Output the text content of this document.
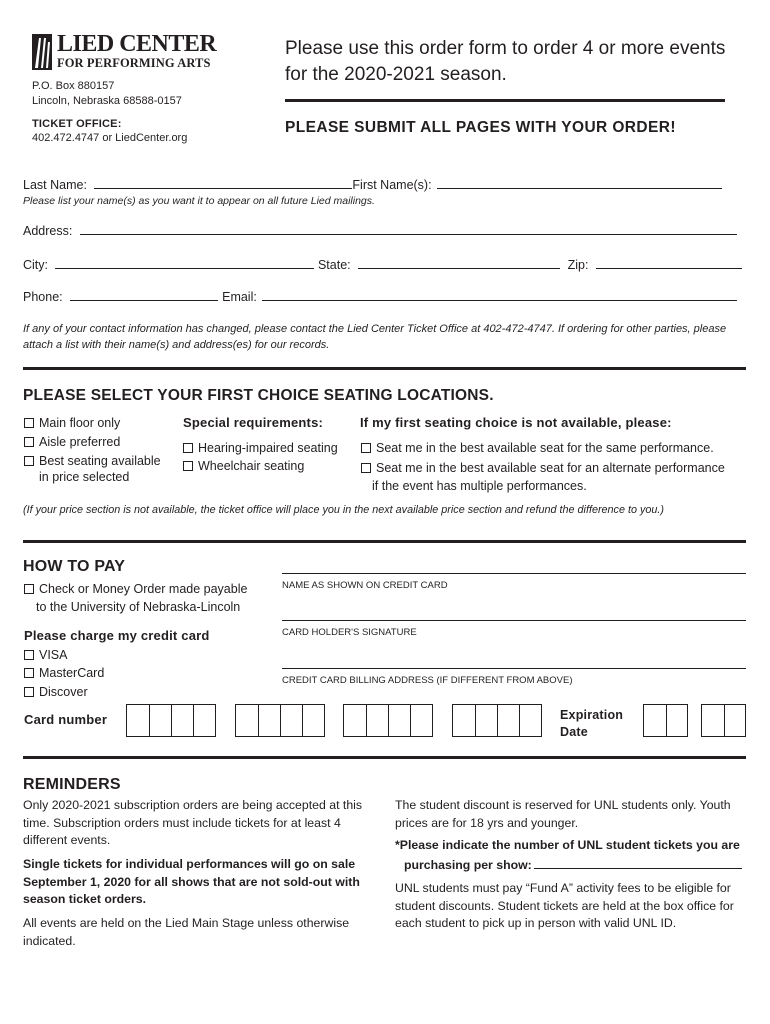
LIED CENTER
FOR PERFORMING ARTS
P.O. Box 880157
Lincoln, Nebraska 68588-0157
TICKET OFFICE:
402.472.4747 or LiedCenter.org
Please use this order form to order 4 or more events for the 2020-2021 season.
PLEASE SUBMIT ALL PAGES WITH YOUR ORDER!
Last Name:	First Name(s):
Please list your name(s) as you want it to appear on all future Lied mailings.
Address:
City:	State:	Zip:
Phone:	Email:
If any of your contact information has changed, please contact the Lied Center Ticket Office at 402-472-4747. If ordering for other parties, please attach a list with their name(s) and address(es) for our records.
PLEASE SELECT YOUR FIRST CHOICE SEATING LOCATIONS.
Main floor only
Aisle preferred
Best seating available
in price selected
Special requirements:
Hearing-impaired seating
Wheelchair seating
If my first seating choice is not available, please:
Seat me in the best available seat for the same performance.
Seat me in the best available seat for an alternate performance
if the event has multiple performances.
(If your price section is not available, the ticket office will place you in the next available price section and refund the difference to you.)
HOW TO PAY
Check or Money Order made payable
to the University of Nebraska-Lincoln
Please charge my credit card
VISA
MasterCard
Discover
NAME AS SHOWN ON CREDIT CARD
CARD HOLDER'S SIGNATURE
CREDIT CARD BILLING ADDRESS (IF DIFFERENT FROM ABOVE)
Card number	Expiration
Date
REMINDERS
Only 2020-2021 subscription orders are being accepted at this time. Subscription orders must include tickets for at least 4 different events.
Single tickets for individual performances will go on sale September 1, 2020 for all shows that are not sold-out with season ticket orders.
All events are held on the Lied Main Stage unless otherwise indicated.
The student discount is reserved for UNL students only. Youth prices are for 18 yrs and younger.
*Please indicate the number of UNL student tickets you are
purchasing per show:
UNL students must pay “Fund A” activity fees to be eligible for student discounts. Student tickets are held at the box office for each student to pick up in person with valid UNL ID.
